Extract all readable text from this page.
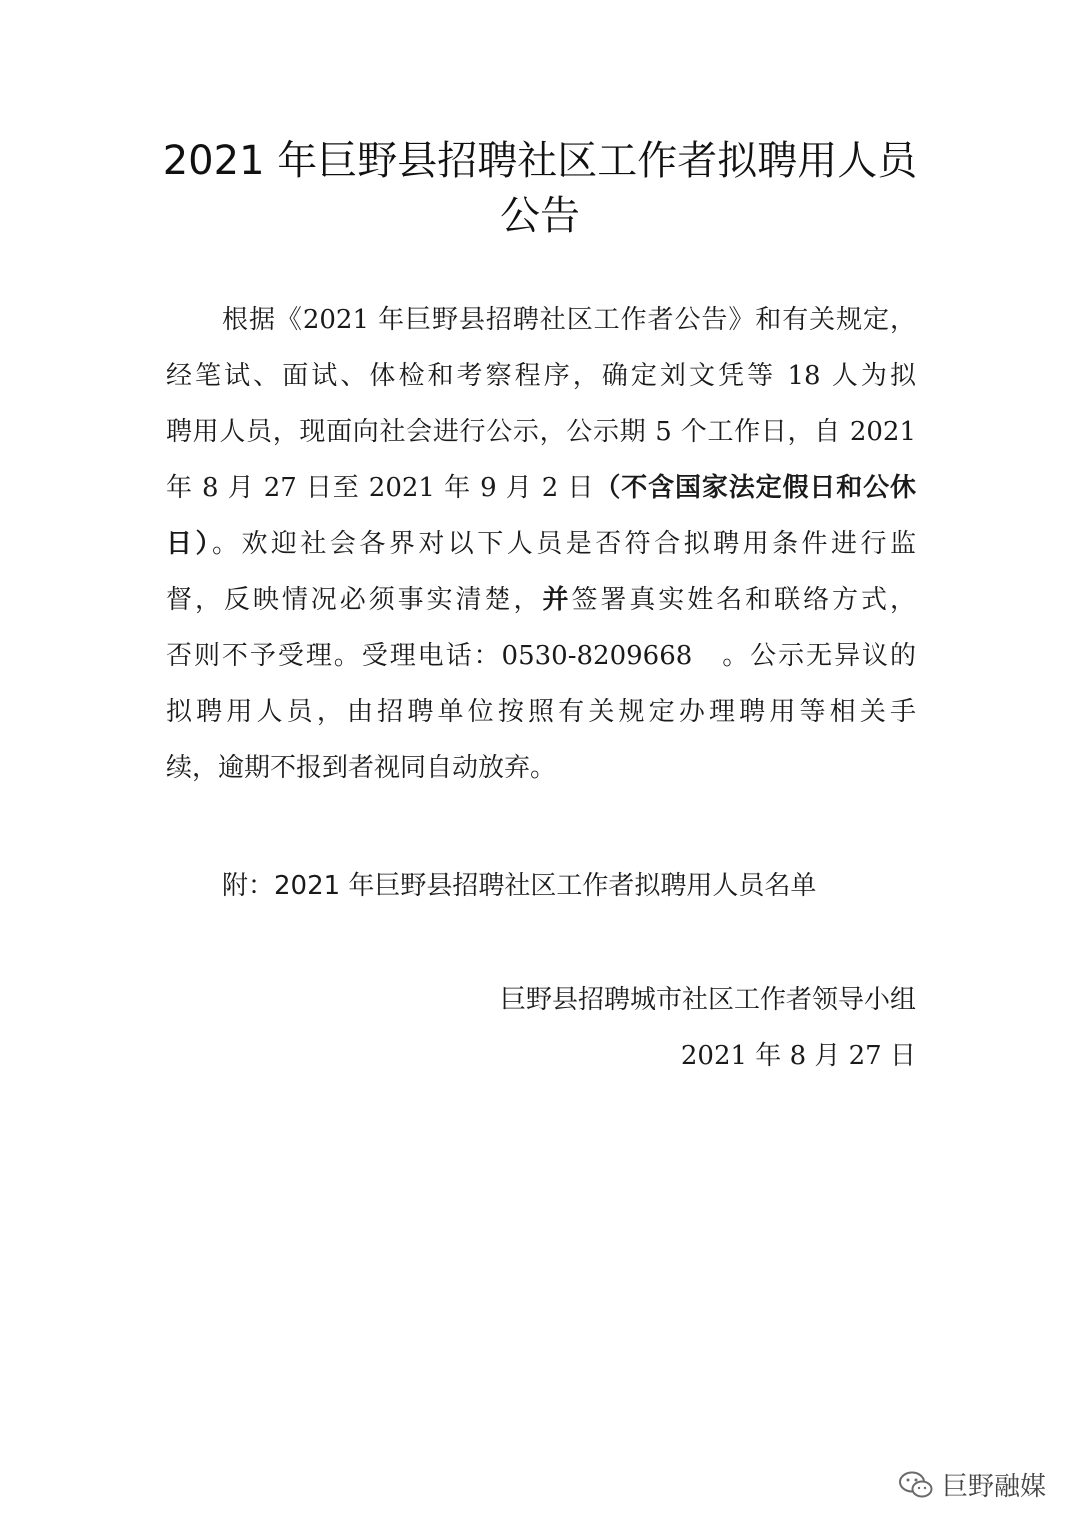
2021 年巨野县招聘社区工作者拟聘用人员
公告
根据《2021 年巨野县招聘社区工作者公告》和有关规定，
经笔试、面试、体检和考察程序，确定刘文凭等 18 人为拟
聘用人员，现面向社会进行公示，公示期 5 个工作日，自 2021
年 8 月 27 日至 2021 年 9 月 2 日（不含国家法定假日和公休
日）。欢迎社会各界对以下人员是否符合拟聘用条件进行监
督，反映情况必须事实清楚，并签署真实姓名和联络方式，
否则不予受理。受理电话：0530-8209668　。公示无异议的
拟聘用人员，由招聘单位按照有关规定办理聘用等相关手
续，逾期不报到者视同自动放弃。
附：2021 年巨野县招聘社区工作者拟聘用人员名单
巨野县招聘城市社区工作者领导小组
2021 年 8 月 27 日
巨野融媒
